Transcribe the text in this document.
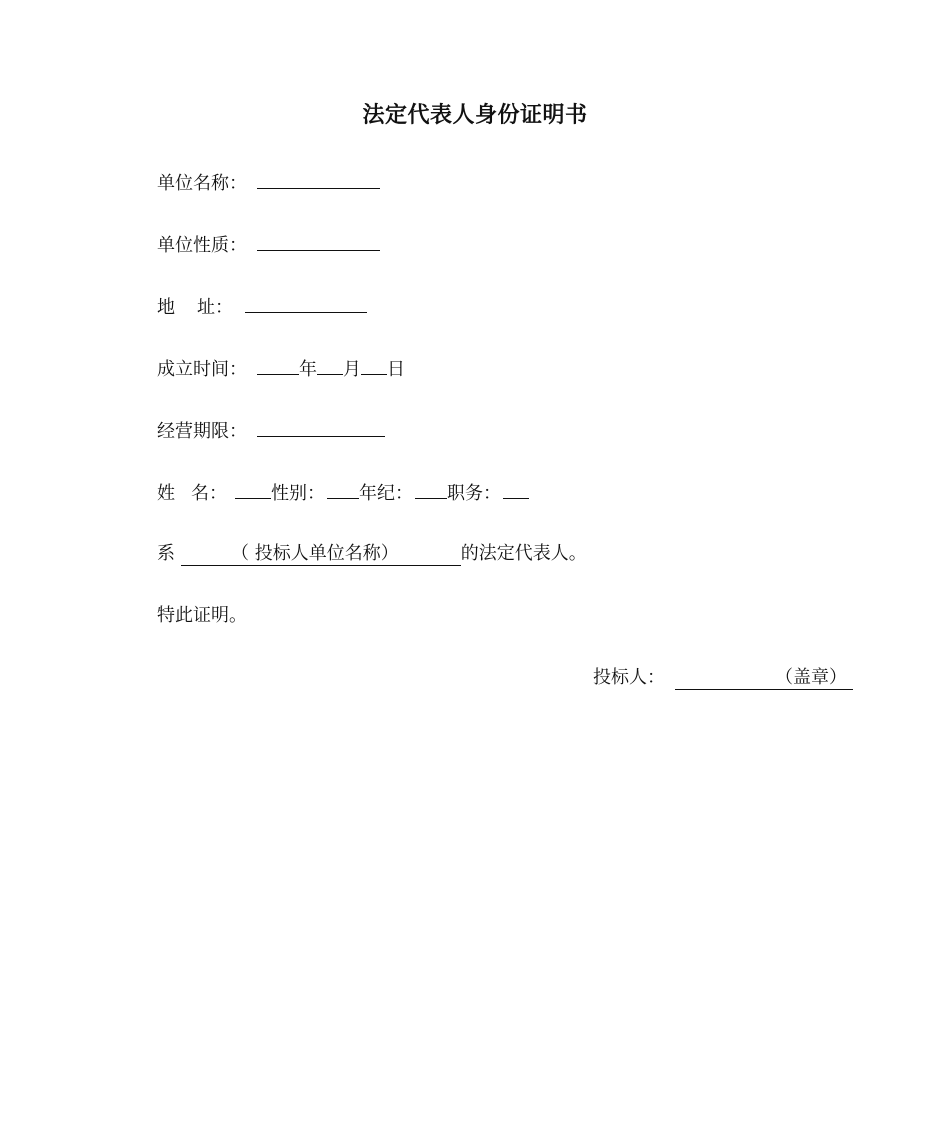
法定代表人身份证明书
单位名称：
单位性质：
地 址：
成立时间：	年 月 日
经营期限：
姓 名： 性别： 年纪： 职务：
系	（ 投标人单位名称）	的法定代表人。
特此证明。
投标人：	（盖章）
